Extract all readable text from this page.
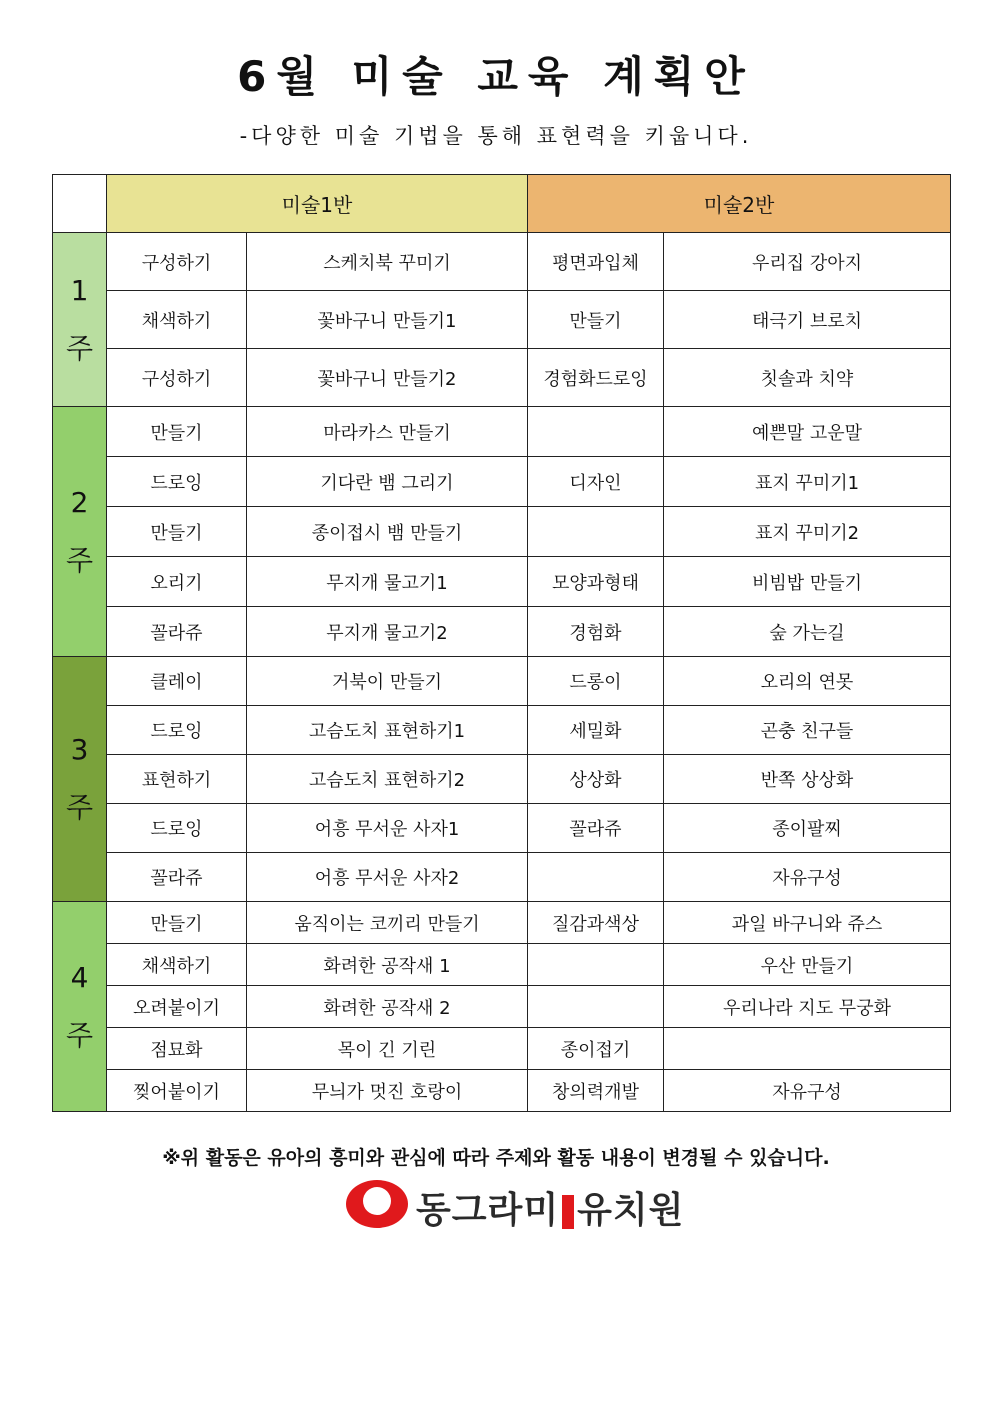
6월 미술 교육 계획안
-다양한 미술 기법을 통해 표현력을 키웁니다.
	미술1반		미술2반	

1
주	구성하기	스케치북 꾸미기	평면과입체	우리집 강아지
	채색하기	꽃바구니 만들기1	만들기	태극기 브로치
	구성하기	꽃바구니 만들기2	경험화드로잉	칫솔과 치약

2
주	만들기	마라카스 만들기		예쁜말 고운말
	드로잉	기다란 뱀 그리기	디자인	표지 꾸미기1
	만들기	종이접시 뱀 만들기		표지 꾸미기2
	오리기	무지개 물고기1	모양과형태	비빔밥 만들기
	꼴라쥬	무지개 물고기2	경험화	숲 가는길

3
주	클레이	거북이 만들기	드롱이	오리의 연못
	드로잉	고슴도치 표현하기1	세밀화	곤충 친구들
	표현하기	고슴도치 표현하기2	상상화	반쪽 상상화
	드로잉	어흥 무서운 사자1	꼴라쥬	종이팔찌
	꼴라쥬	어흥 무서운 사자2		자유구성

4
주	만들기	움직이는 코끼리 만들기	질감과색상	과일 바구니와 쥬스
	채색하기	화려한 공작새 1		우산 만들기
	오려붙이기	화려한 공작새 2		우리나라 지도 무궁화
	점묘화	목이 긴 기린	종이접기	
	찢어붙이기	무늬가 멋진 호랑이	창의력개발	자유구성
※위 활동은 유아의 흥미와 관심에 따라 주제와 활동 내용이 변경될 수 있습니다.
동그라미 유치원
